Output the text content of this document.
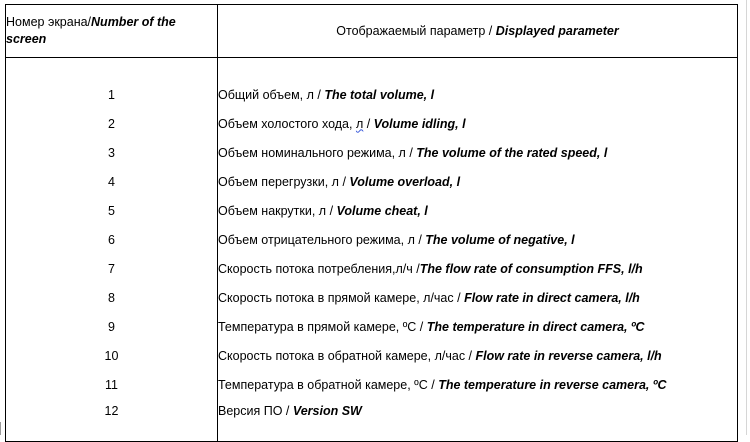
Номер экрана/Number of the screen	Отображаемый параметр / Displayed parameter

1	Общий объем, л / The total volume, l
2	Объем холостого хода, л / Volume idling, l
3	Объем номинального режима, л / The volume of the rated speed, l
4	Объем перегрузки, л / Volume overload, l
5	Объем накрутки, л / Volume cheat, l
6	Объем отрицательного режима, л / The volume of negative, l
7	Скорость потока потребления,л/ч /The flow rate of consumption FFS, l/h
8	Скорость потока в прямой камере, л/час / Flow rate in direct camera, l/h
9	Температура в прямой камере, ºС / The temperature in direct camera, ºC
10	Скорость потока в обратной камере, л/час / Flow rate in reverse camera, l/h
11	Температура в обратной камере, ºС / The temperature in reverse camera, ºC
12	Версия ПО / Version SW
